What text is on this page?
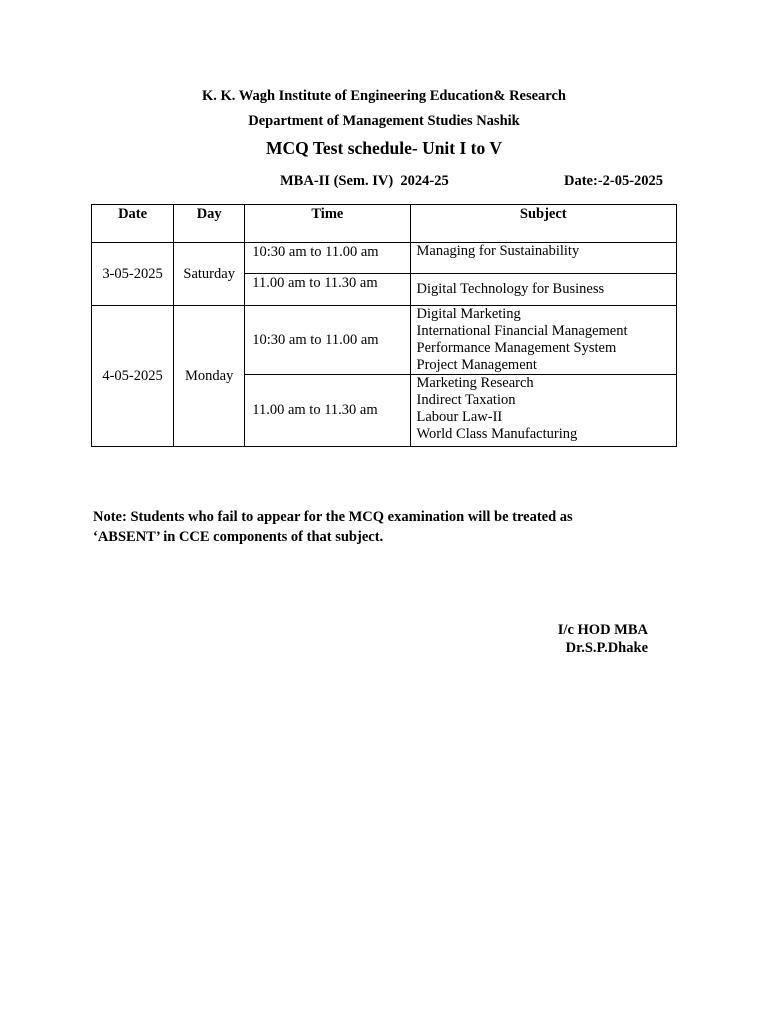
K. K. Wagh Institute of Engineering Education& Research
Department of Management Studies Nashik
MCQ Test schedule- Unit I to V
MBA-II (Sem. IV)  2024-25	Date:-2-05-2025
Date	Day	Time	Subject
3-05-2025	Saturday	10:30 am to 11.00 am	Managing for Sustainability

		11.00 am to 11.30 am	Digital Technology for Business

4-05-2025	Monday	10:30 am to 11.00 am	Digital Marketing
International Financial Management
Performance Management System
Project Management

		11.00 am to 11.30 am	Marketing Research
Indirect Taxation
Labour Law-II
World Class Manufacturing
Note: Students who fail to appear for the MCQ examination will be treated as
‘ABSENT’ in CCE components of that subject.
I/c HOD MBA
Dr.S.P.Dhake
